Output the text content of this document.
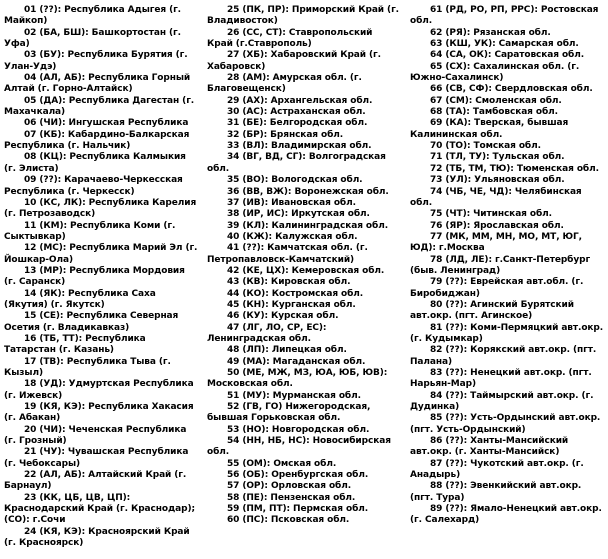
01 (??): Республика Адыгея (г. Майкоп)

02 (БА, БШ): Башкортостан (г. Уфа)

03 (БУ): Республика Бурятия (г. Улан-Удэ)

04 (АЛ, АБ): Республика Горный Алтай (г. Горно-Алтайск)

05 (ДА): Республика Дагестан (г. Махачкала)

06 (ЧИ): Ингушская Республика

07 (КБ): Кабардино-Балкарская Республика (г. Нальчик)

08 (КЦ): Республика Калмыкия (г. Элиста)

09 (??): Карачаево-Черкесская Республика (г. Черкесск)

10 (КС, ЛК): Республика Карелия (г. Петрозаводск)

11 (КМ): Республика Коми (г. Сыктывкар)

12 (МС): Республика Марий Эл (г. Йошкар-Ола)

13 (МР): Республика Мордовия (г. Саранск)

14 (ЯК): Республика Саха (Якутия) (г. Якутск)

15 (СЕ): Республика Северная Осетия (г. Владикавказ)

16 (ТБ, ТТ): Республика Татарстан (г. Казань)

17 (ТВ): Республика Тыва (г. Кызыл)

18 (УД): Удмуртская Республика (г. Ижевск)

19 (КЯ, КЭ): Республика Хакасия (г. Абакан)

20 (ЧИ): Чеченская Республика (г. Грозный)

21 (ЧУ): Чувашская Республика (г. Чебоксары)

22 (АЛ, АБ): Алтайский Край (г. Барнаул)

23 (КК, ЦБ, ЦВ, ЦП): Краснодарский Край (г. Краснодар); (СО): г.Сочи

24 (КЯ, КЭ): Красноярский Край (г. Красноярск)

25 (ПК, ПР): Приморский Край (г. Владивосток)

26 (СС, СТ): Ставропольский Край (г.Ставрополь)

27 (ХБ): Хабаровский Край (г. Хабаровск)

28 (АМ): Амурская обл. (г. Благовещенск)

29 (АХ): Архангельская обл.

30 (АС): Астраханская обл.

31 (БЕ): Белгородская обл.

32 (БР): Брянская обл.

33 (ВЛ): Владимирская обл.

34 (ВГ, ВД, СГ): Волгоградская обл.

35 (ВО): Вологодская обл.

36 (ВВ, ВЖ): Воронежская обл.

37 (ИВ): Ивановская обл.

38 (ИР, ИС): Иркутская обл.

39 (КЛ): Калининградская обл.

40 (КЖ): Калужская обл.

41 (??): Камчатская обл. (г. Петропавловск-Камчатский)

42 (КЕ, ЦХ): Кемеровская обл.

43 (КВ): Кировская обл.

44 (КО): Костромская обл.

45 (КН): Курганская обл.

46 (КУ): Курская обл.

47 (ЛГ, ЛО, СР, ЕС): Ленинградская обл.

48 (ЛП): Липецкая обл.

49 (МА): Магаданская обл.

50 (МЕ, МЖ, МЗ, ЮА, ЮБ, ЮВ): Московская обл.

51 (МУ): Мурманская обл.

52 (ГВ, ГО) Нижегородская, бывшая Горьковская обл.

53 (НО): Новгородская обл.

54 (НН, НБ, НС): Новосибирская обл.

55 (ОМ): Омская обл.

56 (ОБ): Оренбургская обл.

57 (ОР): Орловская обл.

58 (ПЕ): Пензенская обл.

59 (ПМ, ПТ): Пермская обл.

60 (ПС): Псковская обл.

61 (РД, РО, РП, РРС): Ростовская обл.

62 (РЯ): Рязанская обл.

63 (КШ, УК): Самарская обл.

64 (СА, ОК): Саратовская обл.

65 (СХ): Сахалинская обл. (г. Южно-Сахалинск)

66 (СВ, СФ): Свердловская обл.

67 (СМ): Смоленская обл.

68 (ТА): Тамбовская обл.

69 (КА): Тверская, бывшая Калининская обл.

70 (ТО): Томская обл.

71 (ТЛ, ТУ): Тульская обл.

72 (ТБ, ТМ, ТЮ): Тюменская обл.

73 (УЛ): Ульяновская обл.

74 (ЧБ, ЧЕ, ЧД): Челябинская обл.

75 (ЧТ): Читинская обл.

76 (ЯР): Ярославская обл.

77 (МК, ММ, МН, МО, МТ, ЮГ, ЮД): г.Москва

78 (ЛД, ЛЕ): г.Санкт-Петербург (быв. Ленинград)

79 (??): Еврейская авт.обл. (г. Биробиджан)

80 (??): Агинский Бурятский авт.окр. (пгт. Агинское)

81 (??): Коми-Пермяцкий авт.окр. (г. Кудымкар)

82 (??): Корякский авт.окр. (пгт. Палана)

83 (??): Ненецкий авт.окр. (пгт. Нарьян-Мар)

84 (??): Таймырский авт.окр. (г. Дудинка)

85 (??): Усть-Ордынский авт.окр. (пгт. Усть-Ордынский)

86 (??): Ханты-Мансийский авт.окр. (г. Ханты-Мансийск)

87 (??): Чукотский авт.окр. (г. Анадырь)

88 (??): Эвенкийский авт.окр. (пгт. Тура)

89 (??): Ямало-Ненецкий авт.окр. (г. Салехард)
